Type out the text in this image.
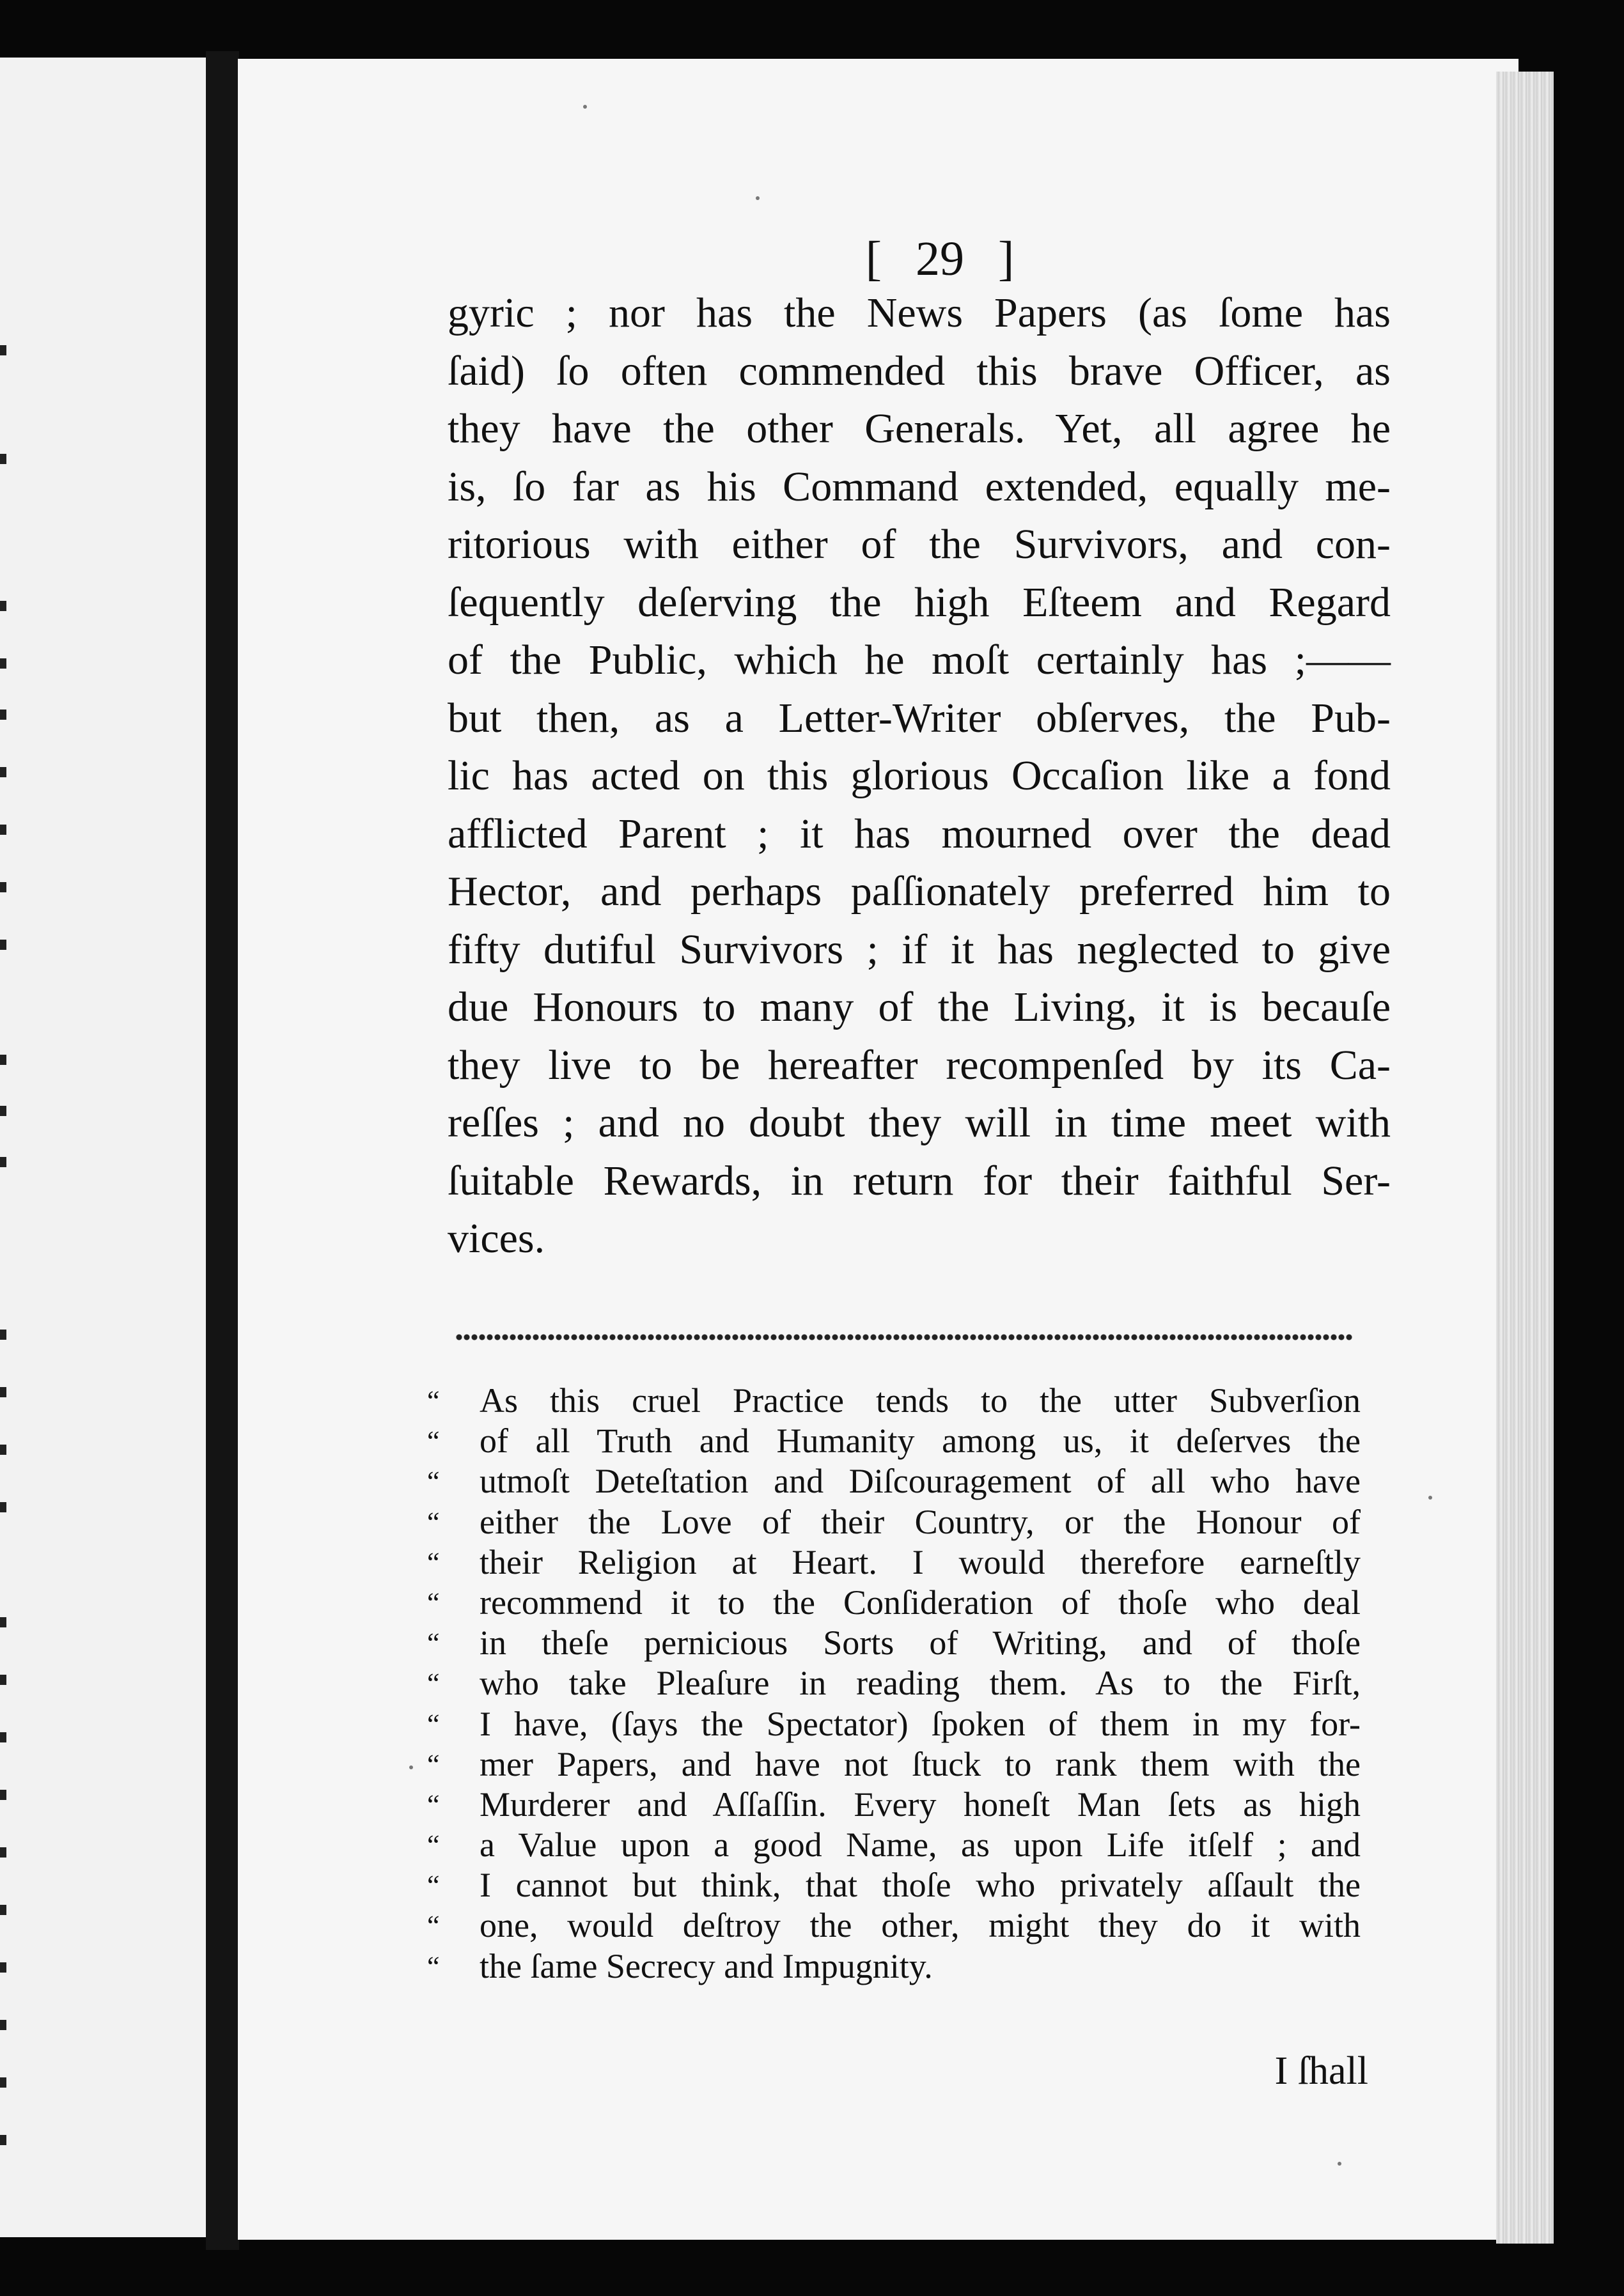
[ 29 ]
gyric ; nor has the News Papers (as ſome has
ſaid) ſo often commended this brave Officer, as
they have the other Generals. Yet, all agree he
is, ſo far as his Command extended, equally me-
ritorious with either of the Survivors, and con-
ſequently deſerving the high Eſteem and Regard
of the Public, which he moſt certainly has ;——
but then, as a Letter-Writer obſerves, the Pub-
lic has acted on this glorious Occaſion like a fond
afflicted Parent ; it has mourned over the dead
Hector, and perhaps paſſionately preferred him to
fifty dutiful Survivors ; if it has neglected to give
due Honours to many of the Living, it is becauſe
they live to be hereafter recompenſed by its Ca-
reſſes ; and no doubt they will in time meet with
ſuitable Rewards, in return for their faithful Ser-
vices.
“	As this cruel Practice tends to the utter Subverſion
“	of all Truth and Humanity among us, it deſerves the
“	utmoſt Deteſtation and Diſcouragement of all who have
“	either the Love of their Country, or the Honour of
“	their Religion at Heart. I would therefore earneſtly
“	recommend it to the Conſideration of thoſe who deal
“	in theſe pernicious Sorts of Writing, and of thoſe
“	who take Pleaſure in reading them. As to the Firſt,
“	I have, (ſays the Spectator) ſpoken of them in my for-
“	mer Papers, and have not ſtuck to rank them with the
“	Murderer and Aſſaſſin. Every honeſt Man ſets as high
“	a Value upon a good Name, as upon Life itſelf ; and
“	I cannot but think, that thoſe who privately aſſault the
“	one, would deſtroy the other, might they do it with
“	the ſame Secrecy and Impugnity.
I ſhall
